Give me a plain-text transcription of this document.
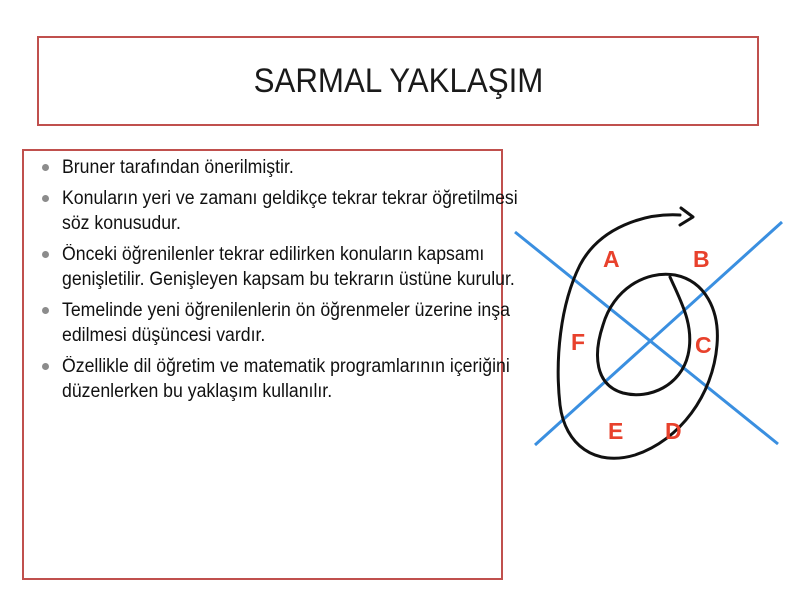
SARMAL YAKLAŞIM
Bruner tarafından önerilmiştir.
Konuların yeri ve zamanı geldikçe tekrar tekrar öğretilmesi söz konusudur.
Önceki öğrenilenler tekrar edilirken konuların kapsamı genişletilir. Genişleyen kapsam bu tekrarın üstüne kurulur.
Temelinde yeni öğrenilenlerin ön öğrenmeler üzerine inşa edilmesi düşüncesi vardır.
Özellikle dil öğretim ve matematik programlarının içeriğini düzenlerken bu yaklaşım kullanılır.
A	B
C
D
E
F
